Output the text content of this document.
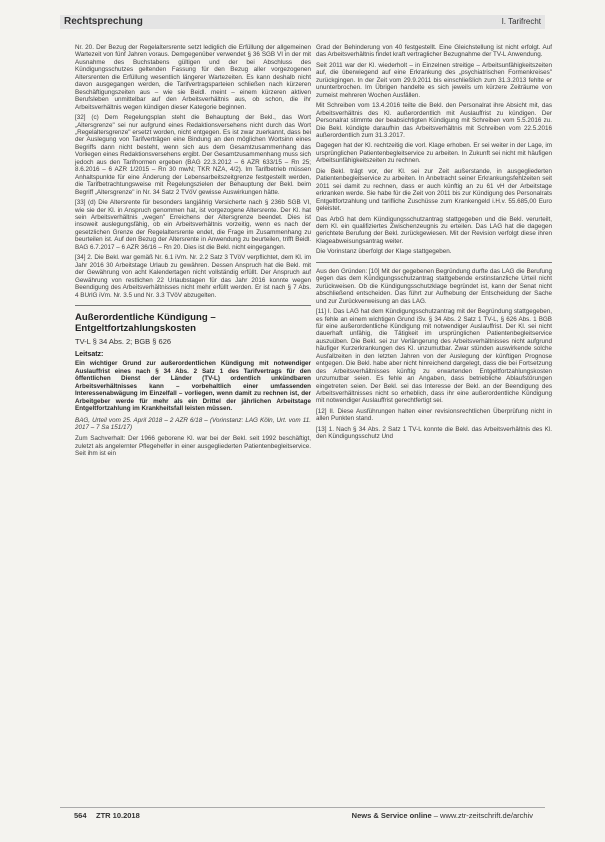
Rechtsprechung	I. Tarifrecht

Nr. 20. Der Bezug der Regelaltersrente setzt lediglich die Erfüllung der allgemeinen Wartezeit von fünf Jahren voraus. Demgegenüber verwendet § 36 SGB VI in der mit Ausnahme des Buchstabens gültigen und der bei Abschluss des Kündigungsschutzes geltenden Fassung für den Bezug aller vorgezogenen Altersrenten die Erfüllung wesentlich längerer Wartezeiten. Es kann deshalb nicht davon ausgegangen werden, die Tarifvertragsparteien schließen nach kürzeren Beschäftigungszeiten aus – wie sie Beidl. meint – einem kürzeren aktiven Berufsleben unmittelbar auf den Arbeitsverhältnis aus, ob schon, die ihr Arbeitsverhältnis wegen kündigen dieser Kategorie beginnen.

[32] (c) Dem Regelungsplan steht die Behauptung der Bekl., das Wort „Altersgrenze" sei nur aufgrund eines Redaktionsversehens nicht durch das Wort „Regelaltersgrenze" ersetzt worden, nicht entgegen. Es ist zwar zuerkannt, dass bei der Auslegung von Tarifverträgen eine Bindung an den möglichen Wortsinn eines Begriffs dann nicht besteht, wenn sich aus dem Gesamtzusammenhang das Vorliegen eines Redaktionsversehens ergibt. Der Gesamtzusammenhang muss sich jedoch aus den Tarifnormen ergeben (BAG 22.3.2012 – 6 AZR 633/15 – Rn 25; 8.6.2016 – 6 AZR 1/2015 – Rn 30 mwN; TKR NZA, 4/2). Im Tarifbetrieb müssen Anhaltspunkte für eine Änderung der Lebensarbeitszeitgrenze festgestellt werden, die Tarifbetrachtungsweise mit Regelungszielen der Behauptung der Bekl. beim Begriff „Altersgrenze" in Nr. 34 Satz 2 TVöV gewisse Auswirkungen hätte.

[33] (d) Die Altersrente für besonders langjährig Versicherte nach § 236b SGB VI, wie sie der Kl. in Anspruch genommen hat, ist vorgezogene Altersrente. Der Kl. hat sein Arbeitsverhältnis „wegen" Erreichens der Altersgrenze beendet. Dies ist insoweit auslegungsfähig, ob ein Arbeitsverhältnis vorzeitig, wenn es nach der gesetzlichen Grenze der Regelaltersrente endet, die Frage im Zusammenhang zu beurteilen ist. Auf den Bezug der Altersrente in Anwendung zu beurteilen, trifft Beidl. BAG 6.7.2017 – 6 AZR 36/16 – Rn 20. Dies ist die Bekl. nicht eingegangen.

[34] 2. Die Bekl. war gemäß Nr. 6.1 iVm. Nr. 2.2 Satz 3 TVöV verpflichtet, dem Kl. im Jahr 2016 30 Arbeitstage Urlaub zu gewähren. Dessen Anspruch hat die Bekl. mit der Gewährung von acht Kalendertagen nicht vollständig erfüllt. Der Anspruch auf Gewährung von restlichen 22 Urlaubstagen für das Jahr 2016 konnte wegen Beendigung des Arbeitsverhältnisses nicht mehr erfüllt werden. Er ist nach § 7 Abs. 4 BUrlG iVm. Nr. 3.5 und Nr. 3.3 TVöV abzugelten.

Außerordentliche Kündigung – Entgeltfortzahlungskosten
TV-L § 34 Abs. 2; BGB § 626
Leitsatz:

Ein wichtiger Grund zur außerordentlichen Kündigung mit notwendiger Auslauffrist eines nach § 34 Abs. 2 Satz 1 des Tarifvertrags für den öffentlichen Dienst der Länder (TV-L) ordentlich unkündbaren Arbeitsverhältnisses kann – vorbehaltlich einer umfassenden Interessenabwägung im Einzelfall – vorliegen, wenn damit zu rechnen ist, der Arbeitgeber werde für mehr als ein Drittel der jährlichen Arbeitstage Entgeltfortzahlung im Krankheitsfall leisten müssen.

BAG, Urteil vom 25. April 2018 – 2 AZR 6/18 – (Vorinstanz: LAG Köln, Urt. vom 11. 2017 – 7 Sa 151/17)

Zum Sachverhalt: Der 1966 geborene Kl. war bei der Bekl. seit 1992 beschäftigt, zuletzt als angelernter Pflegehelfer in einer ausgegliederten Patientenbegleitservice. Seit ihm ist ein

Grad der Behinderung von 40 festgestellt. Eine Gleichstellung ist nicht erfolgt. Auf das Arbeitsverhältnis findet kraft vertraglicher Bezugnahme der TV-L Anwendung.

Seit 2011 war der Kl. wiederholt – in Einzelnen streitige – Arbeitsunfähigkeitszeiten auf, die überwiegend auf eine Erkrankung des „psychiatrischen Formenkreises" zurückgingen. In der Zeit vom 29.9.2011 bis einschließlich zum 31.3.2013 fehlte er ununterbrochen. Im Übrigen handelte es sich jeweils um kürzere Zeiträume von zumeist mehreren Wochen Ausfällen.

Mit Schreiben vom 13.4.2016 teilte die Bekl. den Personalrat ihre Absicht mit, das Arbeitsverhältnis des Kl. außerordentlich mit Auslauffrist zu kündigen. Der Personalrat stimmte der beabsichtigten Kündigung mit Schreiben vom 5.5.2016 zu. Die Bekl. kündigte daraufhin das Arbeitsverhältnis mit Schreiben vom 22.5.2016 außerordentlich zum 31.3.2017.

Dagegen hat der Kl. rechtzeitig die vorl. Klage erhoben. Er sei weiter in der Lage, im ursprünglichen Patientenbegleitservice zu arbeiten. In Zukunft sei nicht mit häufigen Arbeitsunfähigkeitszeiten zu rechnen.

Die Bekl. trägt vor, der Kl. sei zur Zeit außerstande, in ausgegliederten Patientenbegleitservice zu arbeiten. In Anbetracht seiner Erkrankungsfehlzeiten seit 2011 sei damit zu rechnen, dass er auch künftig an zu 61 vH der Arbeitstage erkranken werde. Sie habe für die Zeit von 2011 bis zur Kündigung des Personalrats Entgeltfortzahlung und tarifliche Zuschüsse zum Krankengeld i.H.v. 55.685,00 Euro geleistet.

Das ArbG hat dem Kündigungsschutzantrag stattgegeben und die Bekl. verurteilt, dem Kl. ein qualifiziertes Zwischenzeugnis zu erteilen. Das LAG hat die dagegen gerichtete Berufung der Bekl. zurückgewiesen. Mit der Revision verfolgt diese ihren Klageabweisungsantrag weiter.

Die Vorinstanz überfolgt der Klage stattgegeben.

Aus den Gründen: [10] Mit der gegebenen Begründung durfte das LAG die Berufung gegen das dem Kündigungsschutzantrag stattgebende erstinstanzliche Urteil nicht zurückweisen. Ob die Kündigungsschutzklage begründet ist, kann der Senat nicht abschließend entscheiden. Das führt zur Aufhebung der Entscheidung der Sache und zur Zurückverweisung an das LAG.

[11] I. Das LAG hat dem Kündigungsschutzantrag mit der Begründung stattgegeben, es fehle an einem wichtigen Grund iSv. § 34 Abs. 2 Satz 1 TV-L, § 626 Abs. 1 BGB für eine außerordentliche Kündigung mit notwendiger Auslauffrist. Der Kl. sei nicht dauerhaft unfähig, die Tätigkeit im ursprünglichen Patientenbegleitservice auszuüben. Die Bekl. sei zur Verlängerung des Arbeitsverhältnisses nicht aufgrund häufiger Kurzerkrankungen des Kl. unzumutbar. Zwar stünden auswirkende solche Ausfallzeiten in den letzten Jahren von der Auslegung der künftigen Prognose entgegen. Die Bekl. habe aber nicht hinreichend dargelegt, dass die bei Fortsetzung des Arbeitsverhältnisses künftig zu erwartenden Entgeltfortzahlungskosten unzumutbar seien. Es fehle an Angaben, dass betriebliche Ablaufstörungen eingetreten seien. Der Bekl. sei das Interesse der Bekl. an der Beendigung des Arbeitsverhältnisses nicht so erheblich, dass ihr eine außerordentliche Kündigung mit notwendiger Auslauffrist gerechtfertigt sei.

[12] II. Diese Ausführungen halten einer revisionsrechtlichen Überprüfung nicht in allen Punkten stand.

[13] 1. Nach § 34 Abs. 2 Satz 1 TV-L konnte die Bekl. das Arbeitsverhältnis des Kl. den Kündigungsschutz Und

564 ZTR 10.2018	News & Service online – www.ztr-zeitschrift.de/archiv
